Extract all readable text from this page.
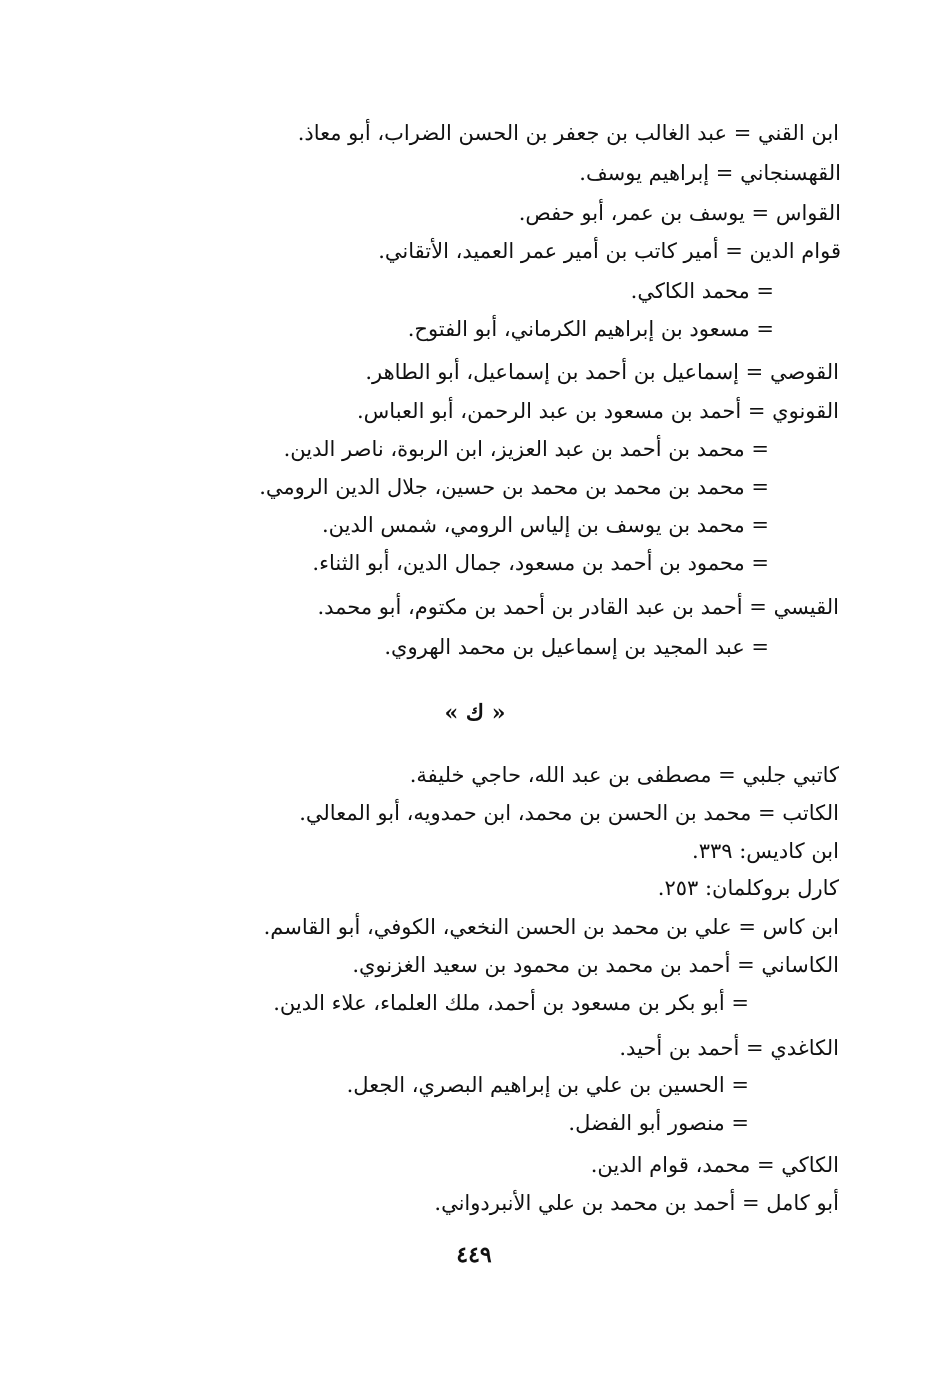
ابن القني = عبد الغالب بن جعفر بن الحسن الضراب، أبو معاذ.
القهسنجاني = إبراهيم يوسف.
القواس = يوسف بن عمر، أبو حفص.
قوام الدين = أمير كاتب بن أمير عمر العميد، الأتقاني.
= محمد الكاكي.
= مسعود بن إبراهيم الكرماني، أبو الفتوح.
القوصي = إسماعيل بن أحمد بن إسماعيل، أبو الطاهر.
القونوي = أحمد بن مسعود بن عبد الرحمن، أبو العباس.
= محمد بن أحمد بن عبد العزيز، ابن الربوة، ناصر الدين.
= محمد بن محمد بن محمد بن حسين، جلال الدين الرومي.
= محمد بن يوسف بن إلياس الرومي، شمس الدين.
= محمود بن أحمد بن مسعود، جمال الدين، أبو الثناء.
القيسي = أحمد بن عبد القادر بن أحمد بن مكتوم، أبو محمد.
= عبد المجيد بن إسماعيل بن محمد الهروي.
« ك »
كاتبي جلبي = مصطفى بن عبد الله، حاجي خليفة.
الكاتب = محمد بن الحسن بن محمد، ابن حمدويه، أبو المعالي.
ابن كاديس: ٣٣٩.
كارل بروكلمان: ٢٥٣.
ابن كاس = علي بن محمد بن الحسن النخعي، الكوفي، أبو القاسم.
الكاساني = أحمد بن محمد بن محمود بن سعيد الغزنوي.
= أبو بكر بن مسعود بن أحمد، ملك العلماء، علاء الدين.
الكاغدي = أحمد بن أحيد.
= الحسين بن علي بن إبراهيم البصري، الجعل.
= منصور أبو الفضل.
الكاكي = محمد، قوام الدين.
أبو كامل = أحمد بن محمد بن علي الأنبردواني.
٤٤٩
